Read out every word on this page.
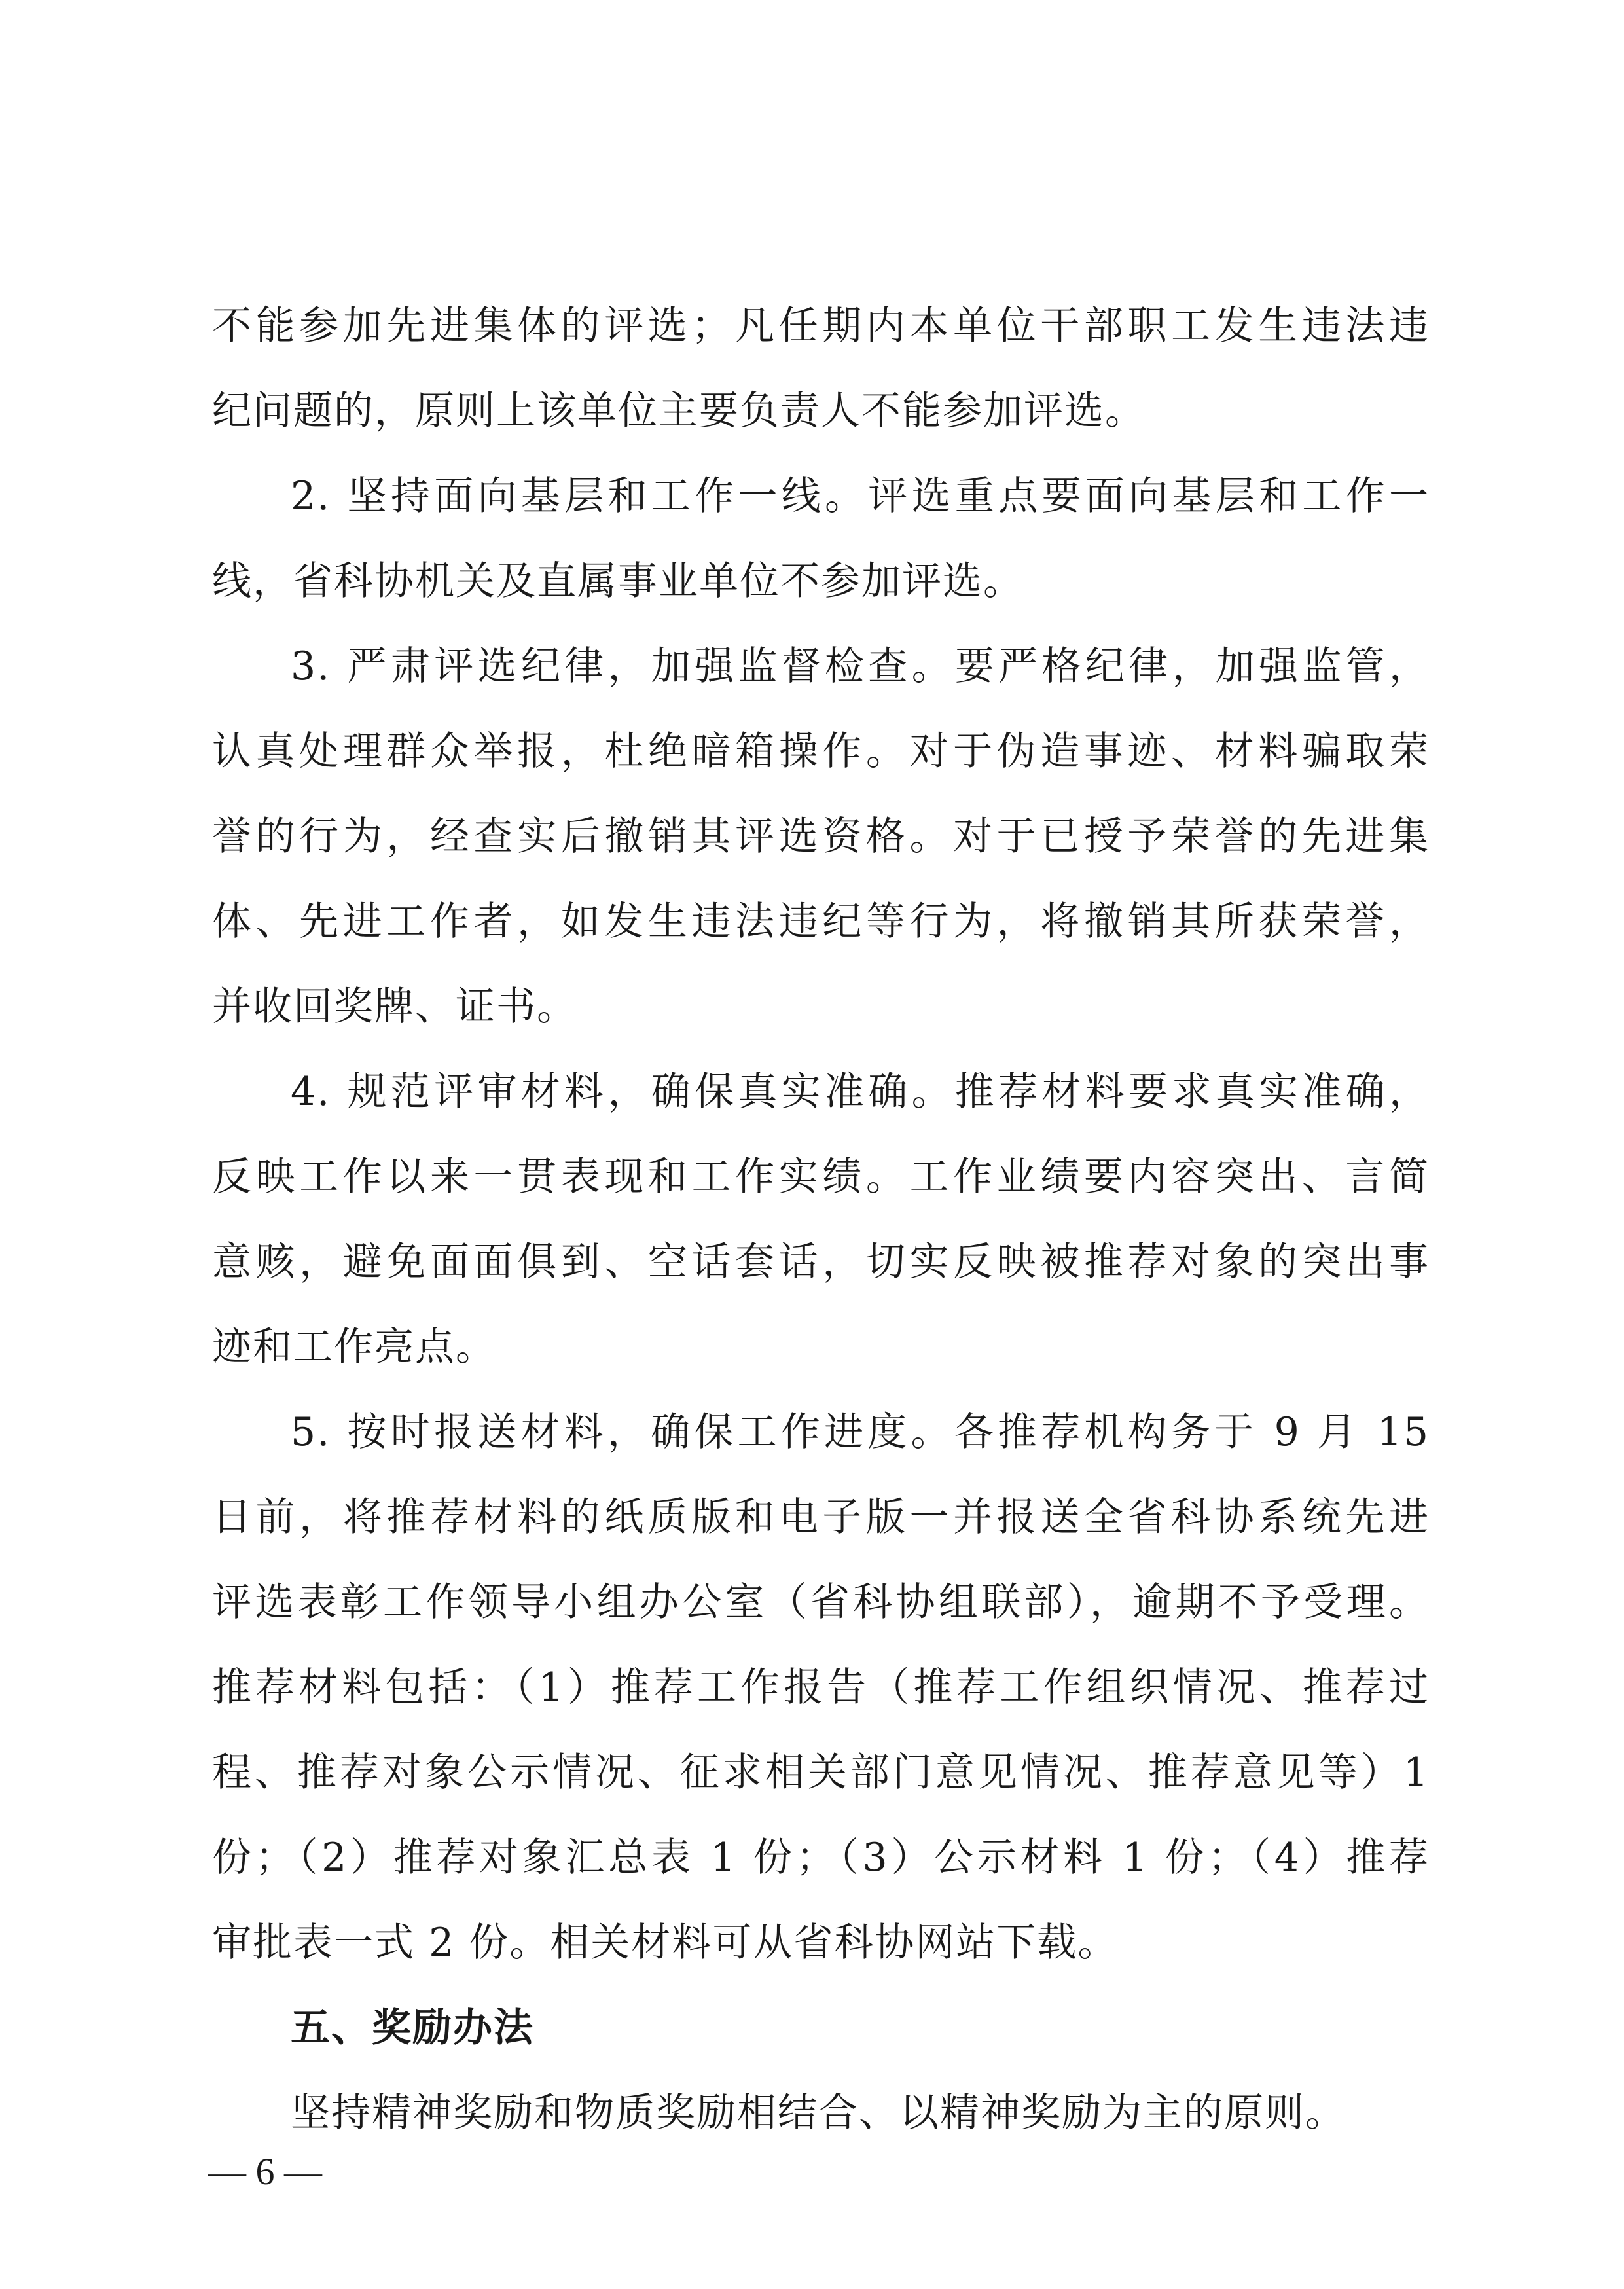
不能参加先进集体的评选；凡任期内本单位干部职工发生违法违
纪问题的，原则上该单位主要负责人不能参加评选。
2. 坚持面向基层和工作一线。评选重点要面向基层和工作一
线，省科协机关及直属事业单位不参加评选。
3. 严肃评选纪律，加强监督检查。要严格纪律，加强监管，
认真处理群众举报，杜绝暗箱操作。对于伪造事迹、材料骗取荣
誉的行为，经查实后撤销其评选资格。对于已授予荣誉的先进集
体、先进工作者，如发生违法违纪等行为，将撤销其所获荣誉，
并收回奖牌、证书。
4. 规范评审材料，确保真实准确。推荐材料要求真实准确，
反映工作以来一贯表现和工作实绩。工作业绩要内容突出、言简
意赅，避免面面俱到、空话套话，切实反映被推荐对象的突出事
迹和工作亮点。
5. 按时报送材料，确保工作进度。各推荐机构务于 9 月 15
日前，将推荐材料的纸质版和电子版一并报送全省科协系统先进
评选表彰工作领导小组办公室（省科协组联部），逾期不予受理。
推荐材料包括：（1）推荐工作报告（推荐工作组织情况、推荐过
程、推荐对象公示情况、征求相关部门意见情况、推荐意见等）1
份；（2）推荐对象汇总表 1 份；（3）公示材料 1 份；（4）推荐
审批表一式 2 份。相关材料可从省科协网站下载。
五、奖励办法
坚持精神奖励和物质奖励相结合、以精神奖励为主的原则。
— 6 —
